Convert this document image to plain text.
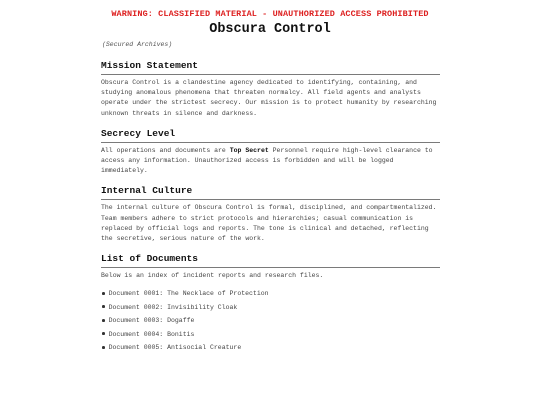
WARNING: CLASSIFIED MATERIAL - UNAUTHORIZED ACCESS PROHIBITED
Obscura Control
(Secured Archives)
Mission Statement

Obscura Control is a clandestine agency dedicated to identifying, containing, and studying anomalous phenomena that threaten normalcy. All field agents and analysts operate under the strictest secrecy. Our mission is to protect humanity by researching unknown threats in silence and darkness.

Secrecy Level

All operations and documents are Top Secret Personnel require high-level clearance to access any information. Unauthorized access is forbidden and will be logged immediately.

Internal Culture

The internal culture of Obscura Control is formal, disciplined, and compartmentalized. Team members adhere to strict protocols and hierarchies; casual communication is replaced by official logs and reports. The tone is clinical and detached, reflecting the secretive, serious nature of the work.

List of Documents

Below is an index of incident reports and research files.

Document 0001: The Necklace of Protection
Document 0002: Invisibility Cloak
Document 0003: Dogaffe
Document 0004: Bonitis
Document 0005: Antisocial Creature
